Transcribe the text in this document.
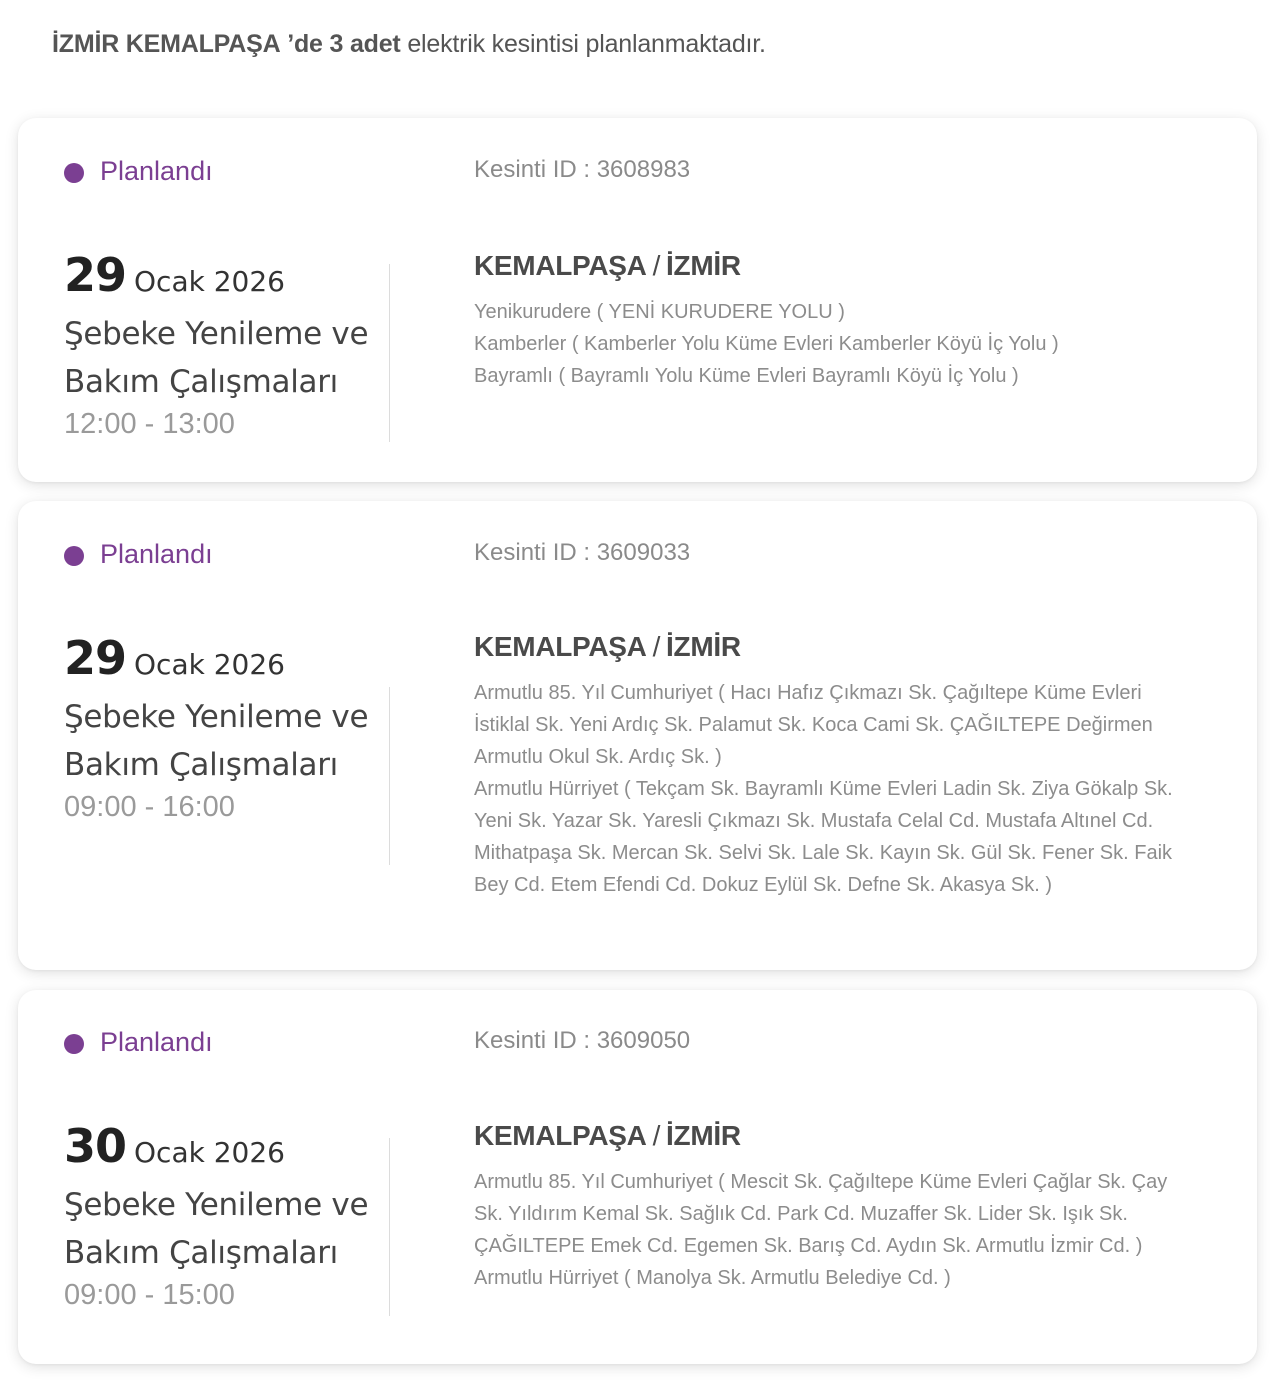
İZMİR KEMALPAŞA ’de 3 adet elektrik kesintisi planlanmaktadır.
Planlandı	Kesinti ID : 3608983
29 Ocak 2026
Şebeke Yenileme ve
Bakım Çalışmaları
12:00 - 13:00
KEMALPAŞA / İZMİR
Yenikurudere ( YENİ KURUDERE YOLU )
Kamberler ( Kamberler Yolu Küme Evleri Kamberler Köyü İç Yolu )
Bayramlı ( Bayramlı Yolu Küme Evleri Bayramlı Köyü İç Yolu )
Planlandı	Kesinti ID : 3609033
29 Ocak 2026
Şebeke Yenileme ve
Bakım Çalışmaları
09:00 - 16:00
KEMALPAŞA / İZMİR
Armutlu 85. Yıl Cumhuriyet ( Hacı Hafız Çıkmazı Sk. Çağıltepe Küme Evleri İstiklal Sk. Yeni Ardıç Sk. Palamut Sk. Koca Cami Sk. ÇAĞILTEPE Değirmen Armutlu Okul Sk. Ardıç Sk. )
Armutlu Hürriyet ( Tekçam Sk. Bayramlı Küme Evleri Ladin Sk. Ziya Gökalp Sk. Yeni Sk. Yazar Sk. Yaresli Çıkmazı Sk. Mustafa Celal Cd. Mustafa Altınel Cd. Mithatpaşa Sk. Mercan Sk. Selvi Sk. Lale Sk. Kayın Sk. Gül Sk. Fener Sk. Faik Bey Cd. Etem Efendi Cd. Dokuz Eylül Sk. Defne Sk. Akasya Sk. )
Planlandı	Kesinti ID : 3609050
30 Ocak 2026
Şebeke Yenileme ve
Bakım Çalışmaları
09:00 - 15:00
KEMALPAŞA / İZMİR
Armutlu 85. Yıl Cumhuriyet ( Mescit Sk. Çağıltepe Küme Evleri Çağlar Sk. Çay Sk. Yıldırım Kemal Sk. Sağlık Cd. Park Cd. Muzaffer Sk. Lider Sk. Işık Sk. ÇAĞILTEPE Emek Cd. Egemen Sk. Barış Cd. Aydın Sk. Armutlu İzmir Cd. )
Armutlu Hürriyet ( Manolya Sk. Armutlu Belediye Cd. )
